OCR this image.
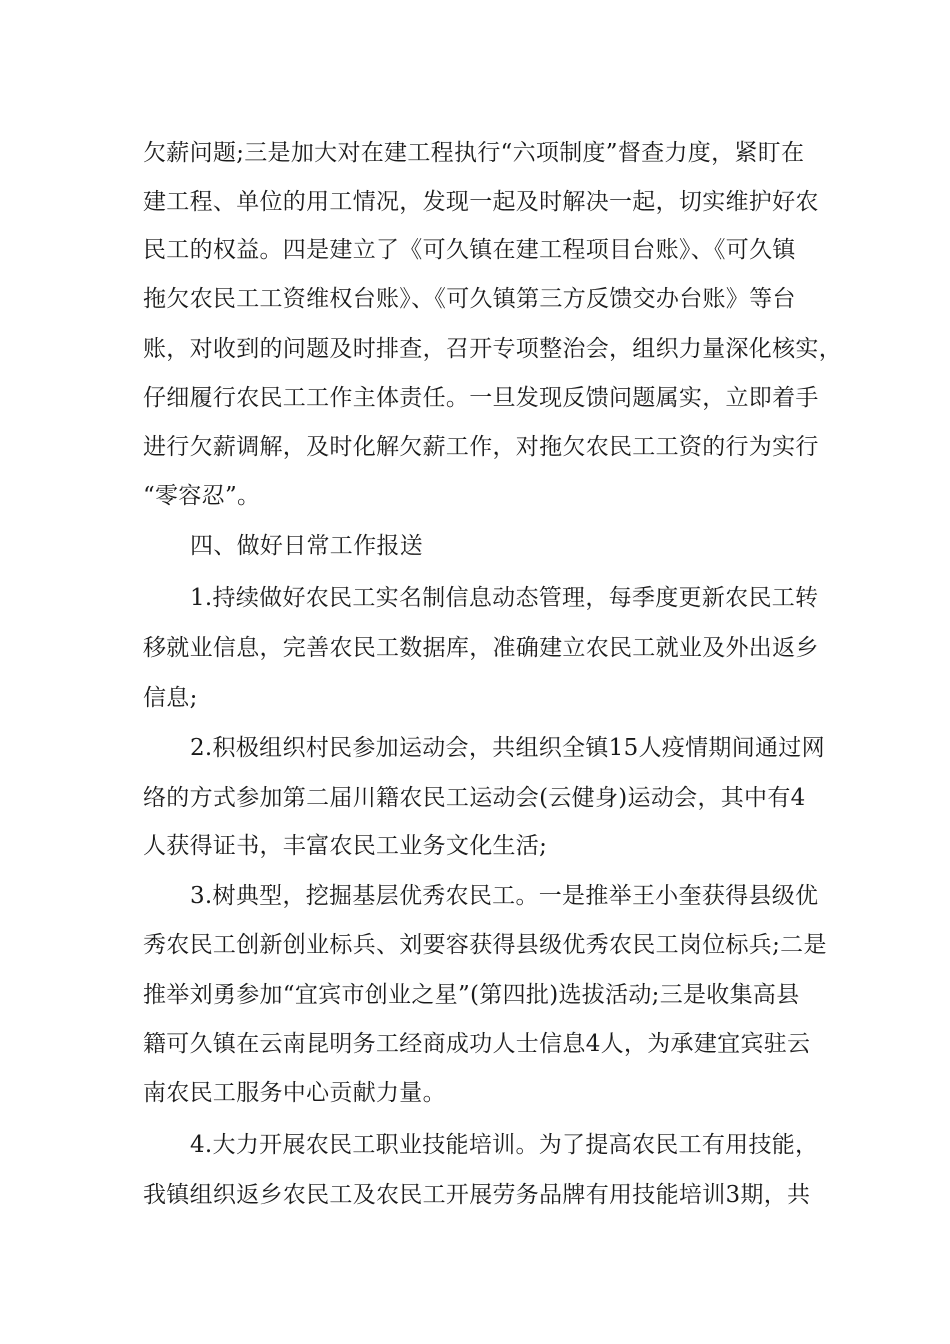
欠薪问题;三是加大对在建工程执行“六项制度”督查力度，紧盯在
建工程、单位的用工情况，发现一起及时解决一起，切实维护好农
民工的权益。四是建立了《可久镇在建工程项目台账》、《可久镇
拖欠农民工工资维权台账》、《可久镇第三方反馈交办台账》等台
账，对收到的问题及时排查，召开专项整治会，组织力量深化核实，
仔细履行农民工工作主体责任。一旦发现反馈问题属实，立即着手
进行欠薪调解，及时化解欠薪工作，对拖欠农民工工资的行为实行
“零容忍”。
四、做好日常工作报送
1.持续做好农民工实名制信息动态管理，每季度更新农民工转
移就业信息，完善农民工数据库，准确建立农民工就业及外出返乡
信息;
2.积极组织村民参加运动会，共组织全镇15人疫情期间通过网
络的方式参加第二届川籍农民工运动会(云健身)运动会，其中有4
人获得证书，丰富农民工业务文化生活;
3.树典型，挖掘基层优秀农民工。一是推举王小奎获得县级优
秀农民工创新创业标兵、刘要容获得县级优秀农民工岗位标兵;二是
推举刘勇参加“宜宾市创业之星”(第四批)选拔活动;三是收集高县
籍可久镇在云南昆明务工经商成功人士信息4人，为承建宜宾驻云
南农民工服务中心贡献力量。
4.大力开展农民工职业技能培训。为了提高农民工有用技能，
我镇组织返乡农民工及农民工开展劳务品牌有用技能培训3期，共
